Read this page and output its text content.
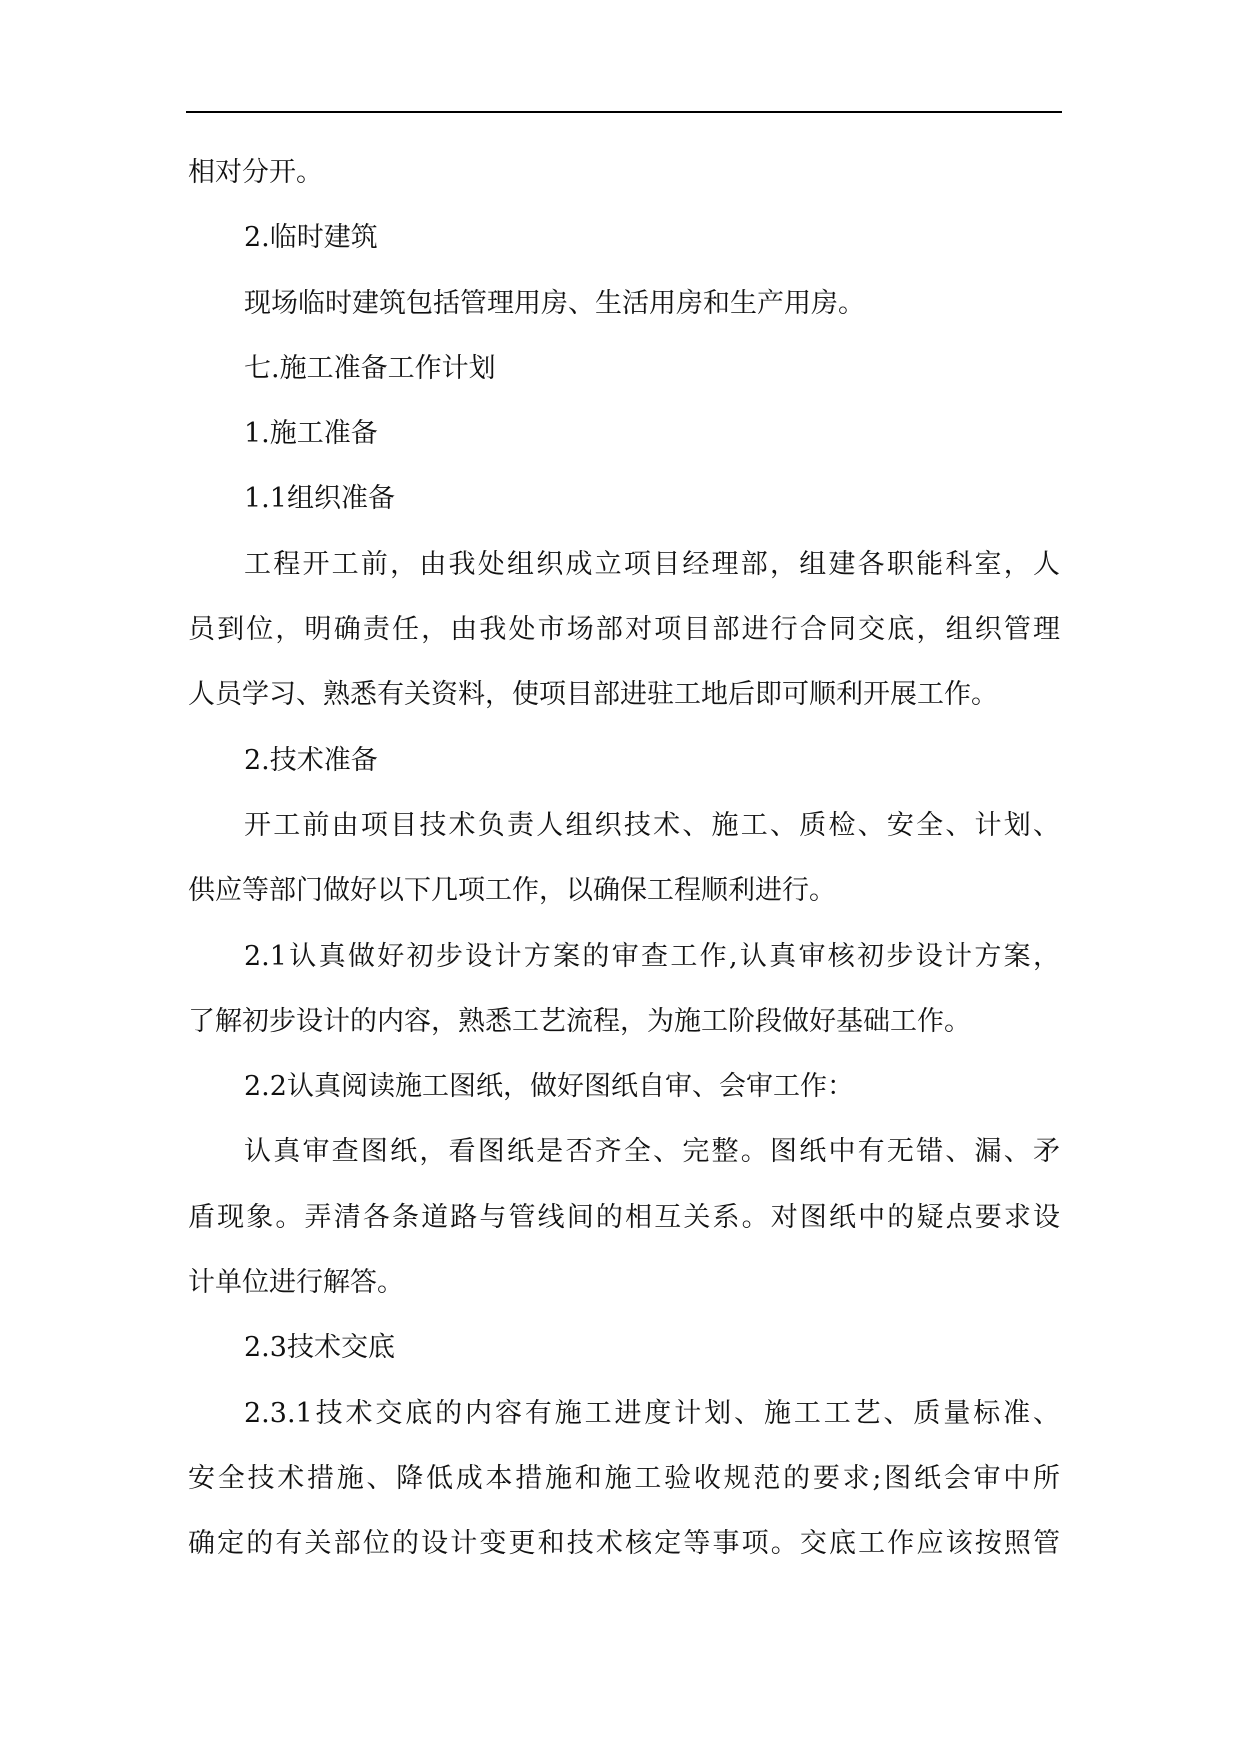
相对分开。
2.临时建筑
现场临时建筑包括管理用房、生活用房和生产用房。
七.施工准备工作计划
1.施工准备
1.1组织准备
工程开工前，由我处组织成立项目经理部，组建各职能科室，人
员到位，明确责任，由我处市场部对项目部进行合同交底，组织管理
人员学习、熟悉有关资料，使项目部进驻工地后即可顺利开展工作。
2.技术准备
开工前由项目技术负责人组织技术、施工、质检、安全、计划、
供应等部门做好以下几项工作，以确保工程顺利进行。
2.1认真做好初步设计方案的审查工作,认真审核初步设计方案，
了解初步设计的内容，熟悉工艺流程，为施工阶段做好基础工作。
2.2认真阅读施工图纸，做好图纸自审、会审工作：
认真审查图纸，看图纸是否齐全、完整。图纸中有无错、漏、矛
盾现象。弄清各条道路与管线间的相互关系。对图纸中的疑点要求设
计单位进行解答。
2.3技术交底
2.3.1技术交底的内容有施工进度计划、施工工艺、质量标准、
安全技术措施、降低成本措施和施工验收规范的要求;图纸会审中所
确定的有关部位的设计变更和技术核定等事项。交底工作应该按照管
